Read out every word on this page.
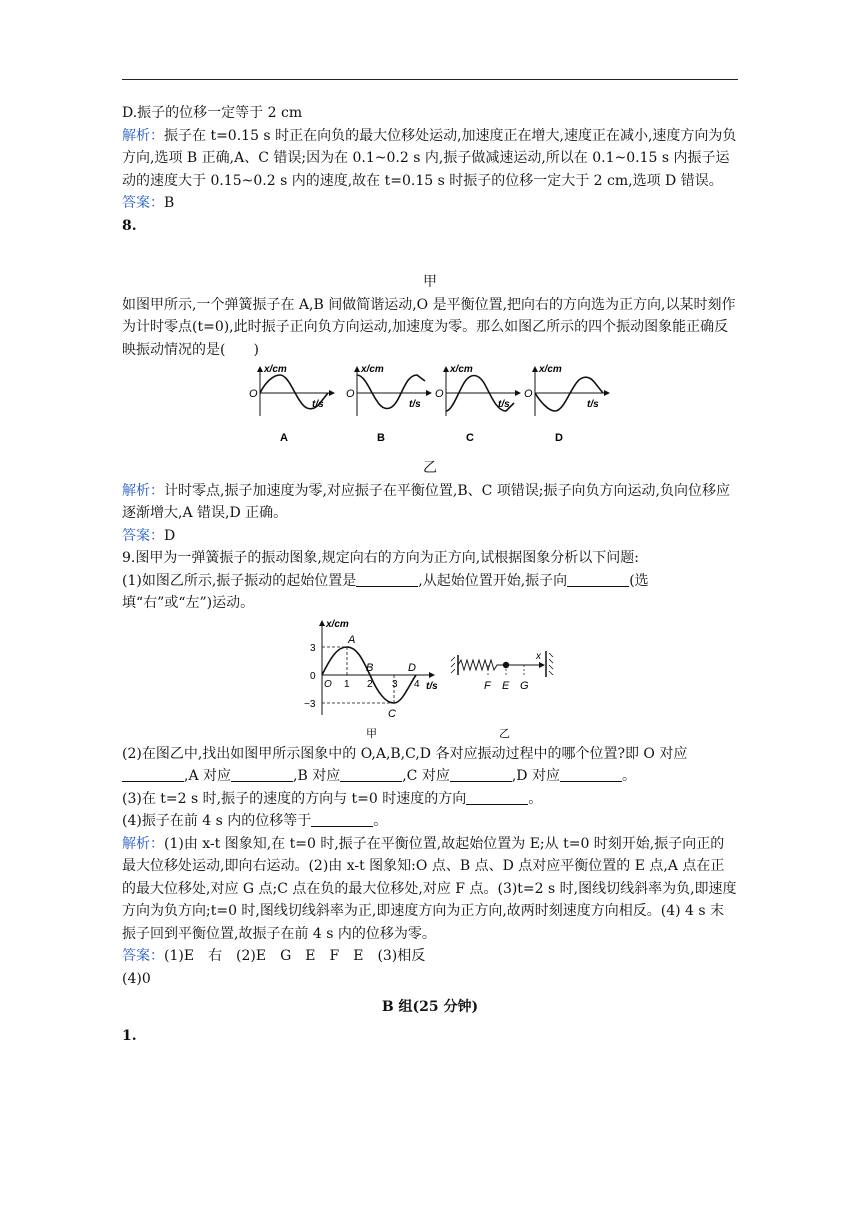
D.振子的位移一定等于 2 cm

解析：振子在 t=0.15 s 时正在向负的最大位移处运动,加速度正在增大,速度正在减小,速度方向为负方向,选项 B 正确,A、C 错误;因为在 0.1~0.2 s 内,振子做减速运动,所以在 0.1~0.15 s 内振子运动的速度大于 0.15~0.2 s 内的速度,故在 t=0.15 s 时振子的位移一定大于 2 cm,选项 D 错误。

答案：B

8.

甲

如图甲所示,一个弹簧振子在 A,B 间做简谐运动,O 是平衡位置,把向右的方向选为正方向,以某时刻作为计时零点(t=0),此时振子正向负方向运动,加速度为零。那么如图乙所示的四个振动图象能正确反映振动情况的是(　　)

x/cm
O
t/s
A
x/cm
O
t/s
B
x/cm
O
t/s
C
x/cm
O
t/s
D

乙

解析：计时零点,振子加速度为零,对应振子在平衡位置,B、C 项错误;振子向负方向运动,负向位移应逐渐增大,A 错误,D 正确。

答案：D

9.图甲为一弹簧振子的振动图象,规定向右的方向为正方向,试根据图象分析以下问题:

(1)如图乙所示,振子振动的起始位置是	,从起始位置开始,振子向	(选填“右”或“左”)运动。

x/cm
3
0
−3
O 1 2 3 4 t/s
A
B
C
D
甲
x
F E G
乙

(2)在图乙中,找出如图甲所示图象中的 O,A,B,C,D 各对应振动过程中的哪个位置?即 O 对应,A 对应	,B 对应	,C 对应	,D 对应	。

(3)在 t=2 s 时,振子的速度的方向与 t=0 时速度的方向	。

(4)振子在前 4 s 内的位移等于	。

解析：(1)由 x-t 图象知,在 t=0 时,振子在平衡位置,故起始位置为 E;从 t=0 时刻开始,振子向正的最大位移处运动,即向右运动。(2)由 x-t 图象知:O 点、B 点、D 点对应平衡位置的 E 点,A 点在正的最大位移处,对应 G 点;C 点在负的最大位移处,对应 F 点。(3)t=2 s 时,图线切线斜率为负,即速度方向为负方向;t=0 时,图线切线斜率为正,即速度方向为正方向,故两时刻速度方向相反。(4) 4 s 末振子回到平衡位置,故振子在前 4 s 内的位移为零。

答案：(1)E　右　(2)E　G　E　F　E　(3)相反

(4)0

B 组(25 分钟)

1.
